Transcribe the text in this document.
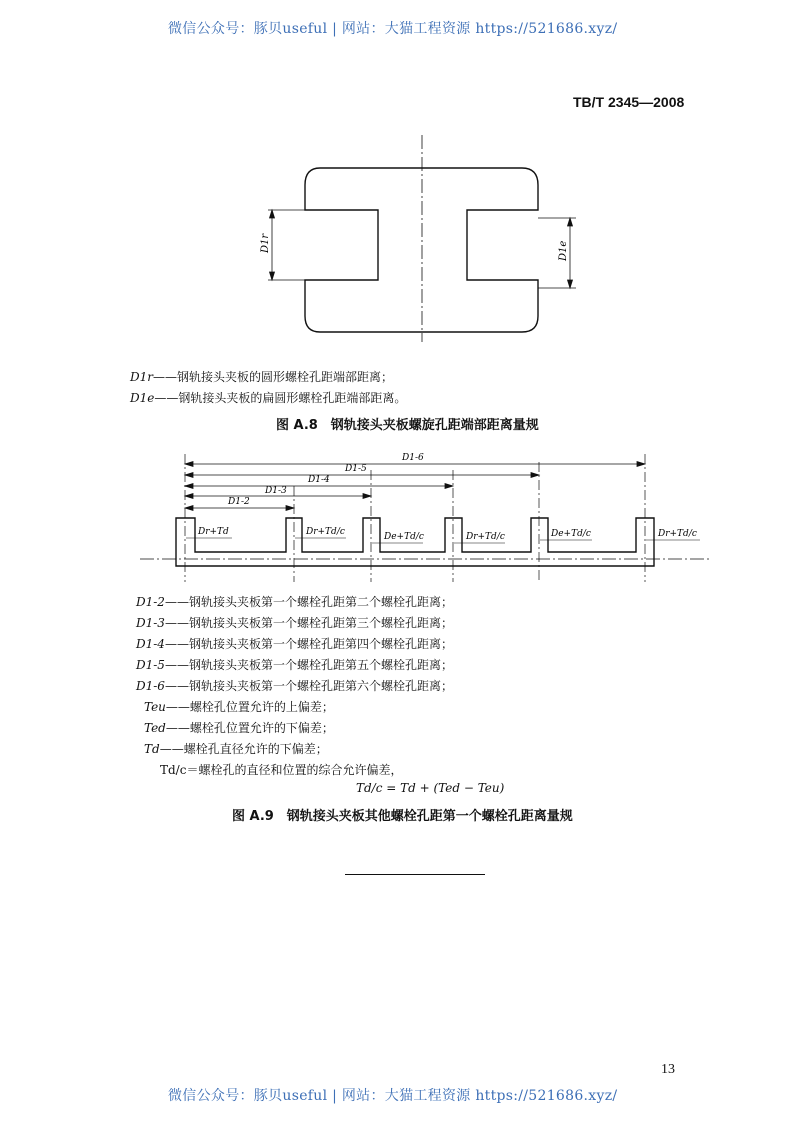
微信公众号：豚贝useful | 网站：大猫工程资源 https://521686.xyz/
TB/T 2345—2008
D1r	D1e
D1r——钢轨接头夹板的圆形螺栓孔距端部距离；
D1e——钢轨接头夹板的扁圆形螺栓孔距端部距离。
图 A.8　钢轨接头夹板螺旋孔距端部距离量规
D1-6
D1-5
D1-4
D1-3
D1-2
Dr+Td	Dr+Td/c	De+Td/c	Dr+Td/c	De+Td/c	Dr+Td/c
D1-2——钢轨接头夹板第一个螺栓孔距第二个螺栓孔距离；
D1-3——钢轨接头夹板第一个螺栓孔距第三个螺栓孔距离；
D1-4——钢轨接头夹板第一个螺栓孔距第四个螺栓孔距离；
D1-5——钢轨接头夹板第一个螺栓孔距第五个螺栓孔距离；
D1-6——钢轨接头夹板第一个螺栓孔距第六个螺栓孔距离；
Teu——螺栓孔位置允许的上偏差；
Ted——螺栓孔位置允许的下偏差；
Td——螺栓孔直径允许的下偏差；
Td/c＝螺栓孔的直径和位置的综合允许偏差，
Td/c = Td + (Ted − Teu)
图 A.9　钢轨接头夹板其他螺栓孔距第一个螺栓孔距离量规
13
微信公众号：豚贝useful | 网站：大猫工程资源 https://521686.xyz/
